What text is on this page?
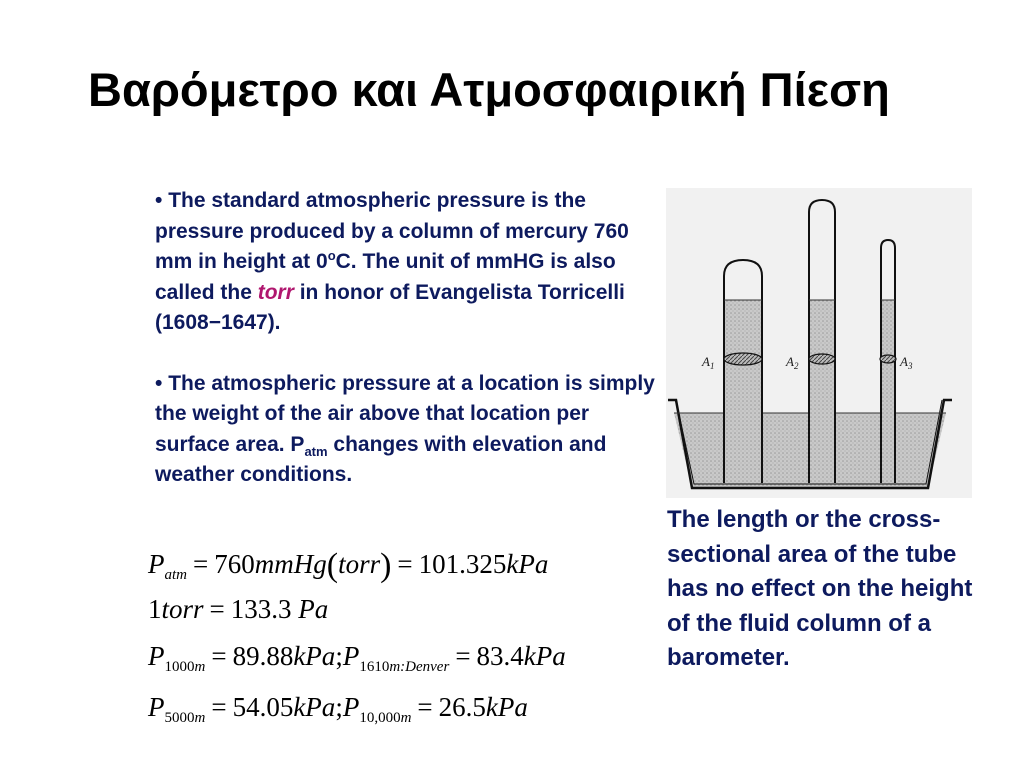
Βαρόμετρο και Ατμοσφαιρική Πίεση

• The standard atmospheric pressure is the pressure produced by a column of mercury 760 mm in height at 0$^o$C. The unit of mmHG is also called the torr in honor of Evangelista Torricelli (1608−1647).

• The atmospheric pressure at a location is simply the weight of the air above that location per surface area. $P_{atm}$ changes with elevation and weather conditions.

$A_1$	$A_2$	$A_3$
The length or the cross-sectional area of the tube has no effect on the height of the fluid column of a barometer.
$P_{atm}$ = 760mmHg(torr) = 101.325kPa
1torr = 133.3 Pa
$P_{1000m}$ = $89.88kPa;P_{1610m:Denver} = 83.4kPa$
$P_{5000m}$ = $54.05kPa;P_{10,000m} = 26.5kPa$
